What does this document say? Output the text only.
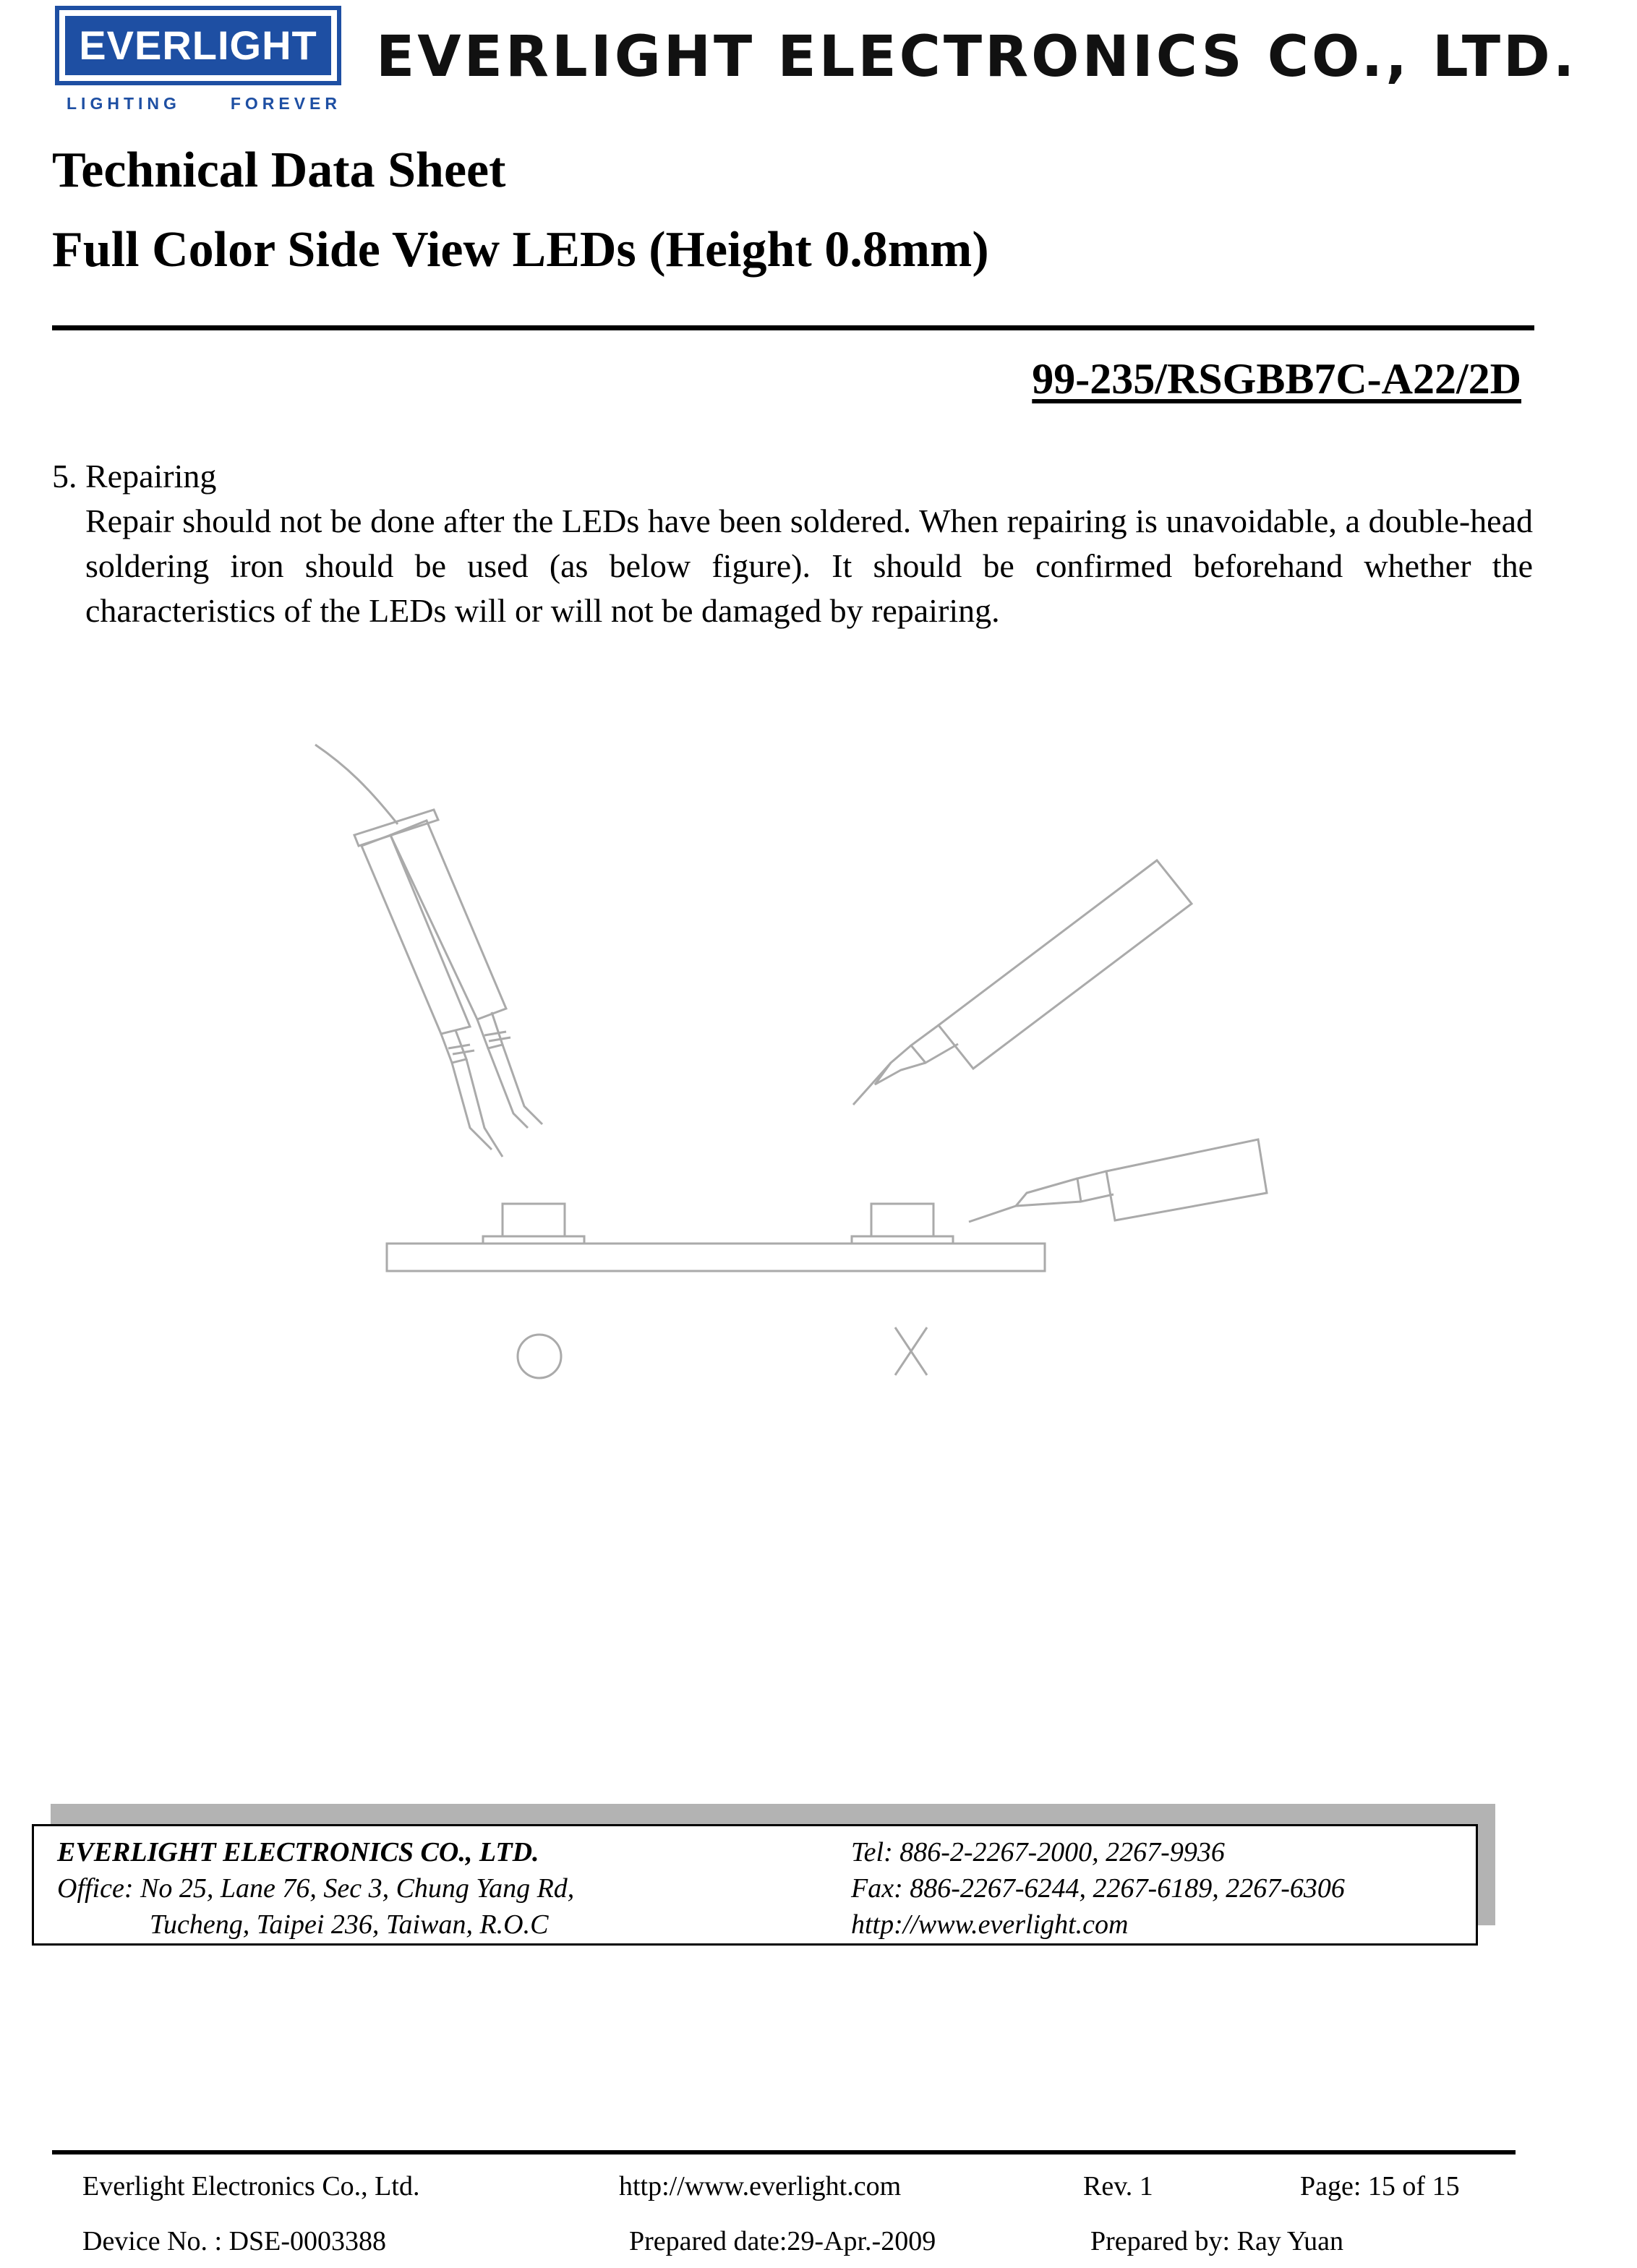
EVERLIGHT
LIGHTING	FOREVER
EVERLIGHT ELECTRONICS CO., LTD.
Technical Data Sheet
Full Color Side View LEDs (Height 0.8mm)
99-235/RSGBB7C-A22/2D
5. Repairing
Repair should not be done after the LEDs have been soldered. When repairing is unavoidable, a double-head soldering iron should be used (as below figure). It should be confirmed beforehand whether the characteristics of the LEDs will or will not be damaged by repairing.
EVERLIGHT ELECTRONICS CO., LTD.
Office: No 25, Lane 76, Sec 3, Chung Yang Rd,
Tucheng, Taipei 236, Taiwan, R.O.C
Tel: 886-2-2267-2000, 2267-9936
Fax: 886-2267-6244, 2267-6189, 2267-6306
http://www.everlight.com
Everlight Electronics Co., Ltd.	http://www.everlight.com	Rev. 1	Page: 15 of 15
Device No. : DSE-0003388	Prepared date:29-Apr.-2009	Prepared by: Ray Yuan
